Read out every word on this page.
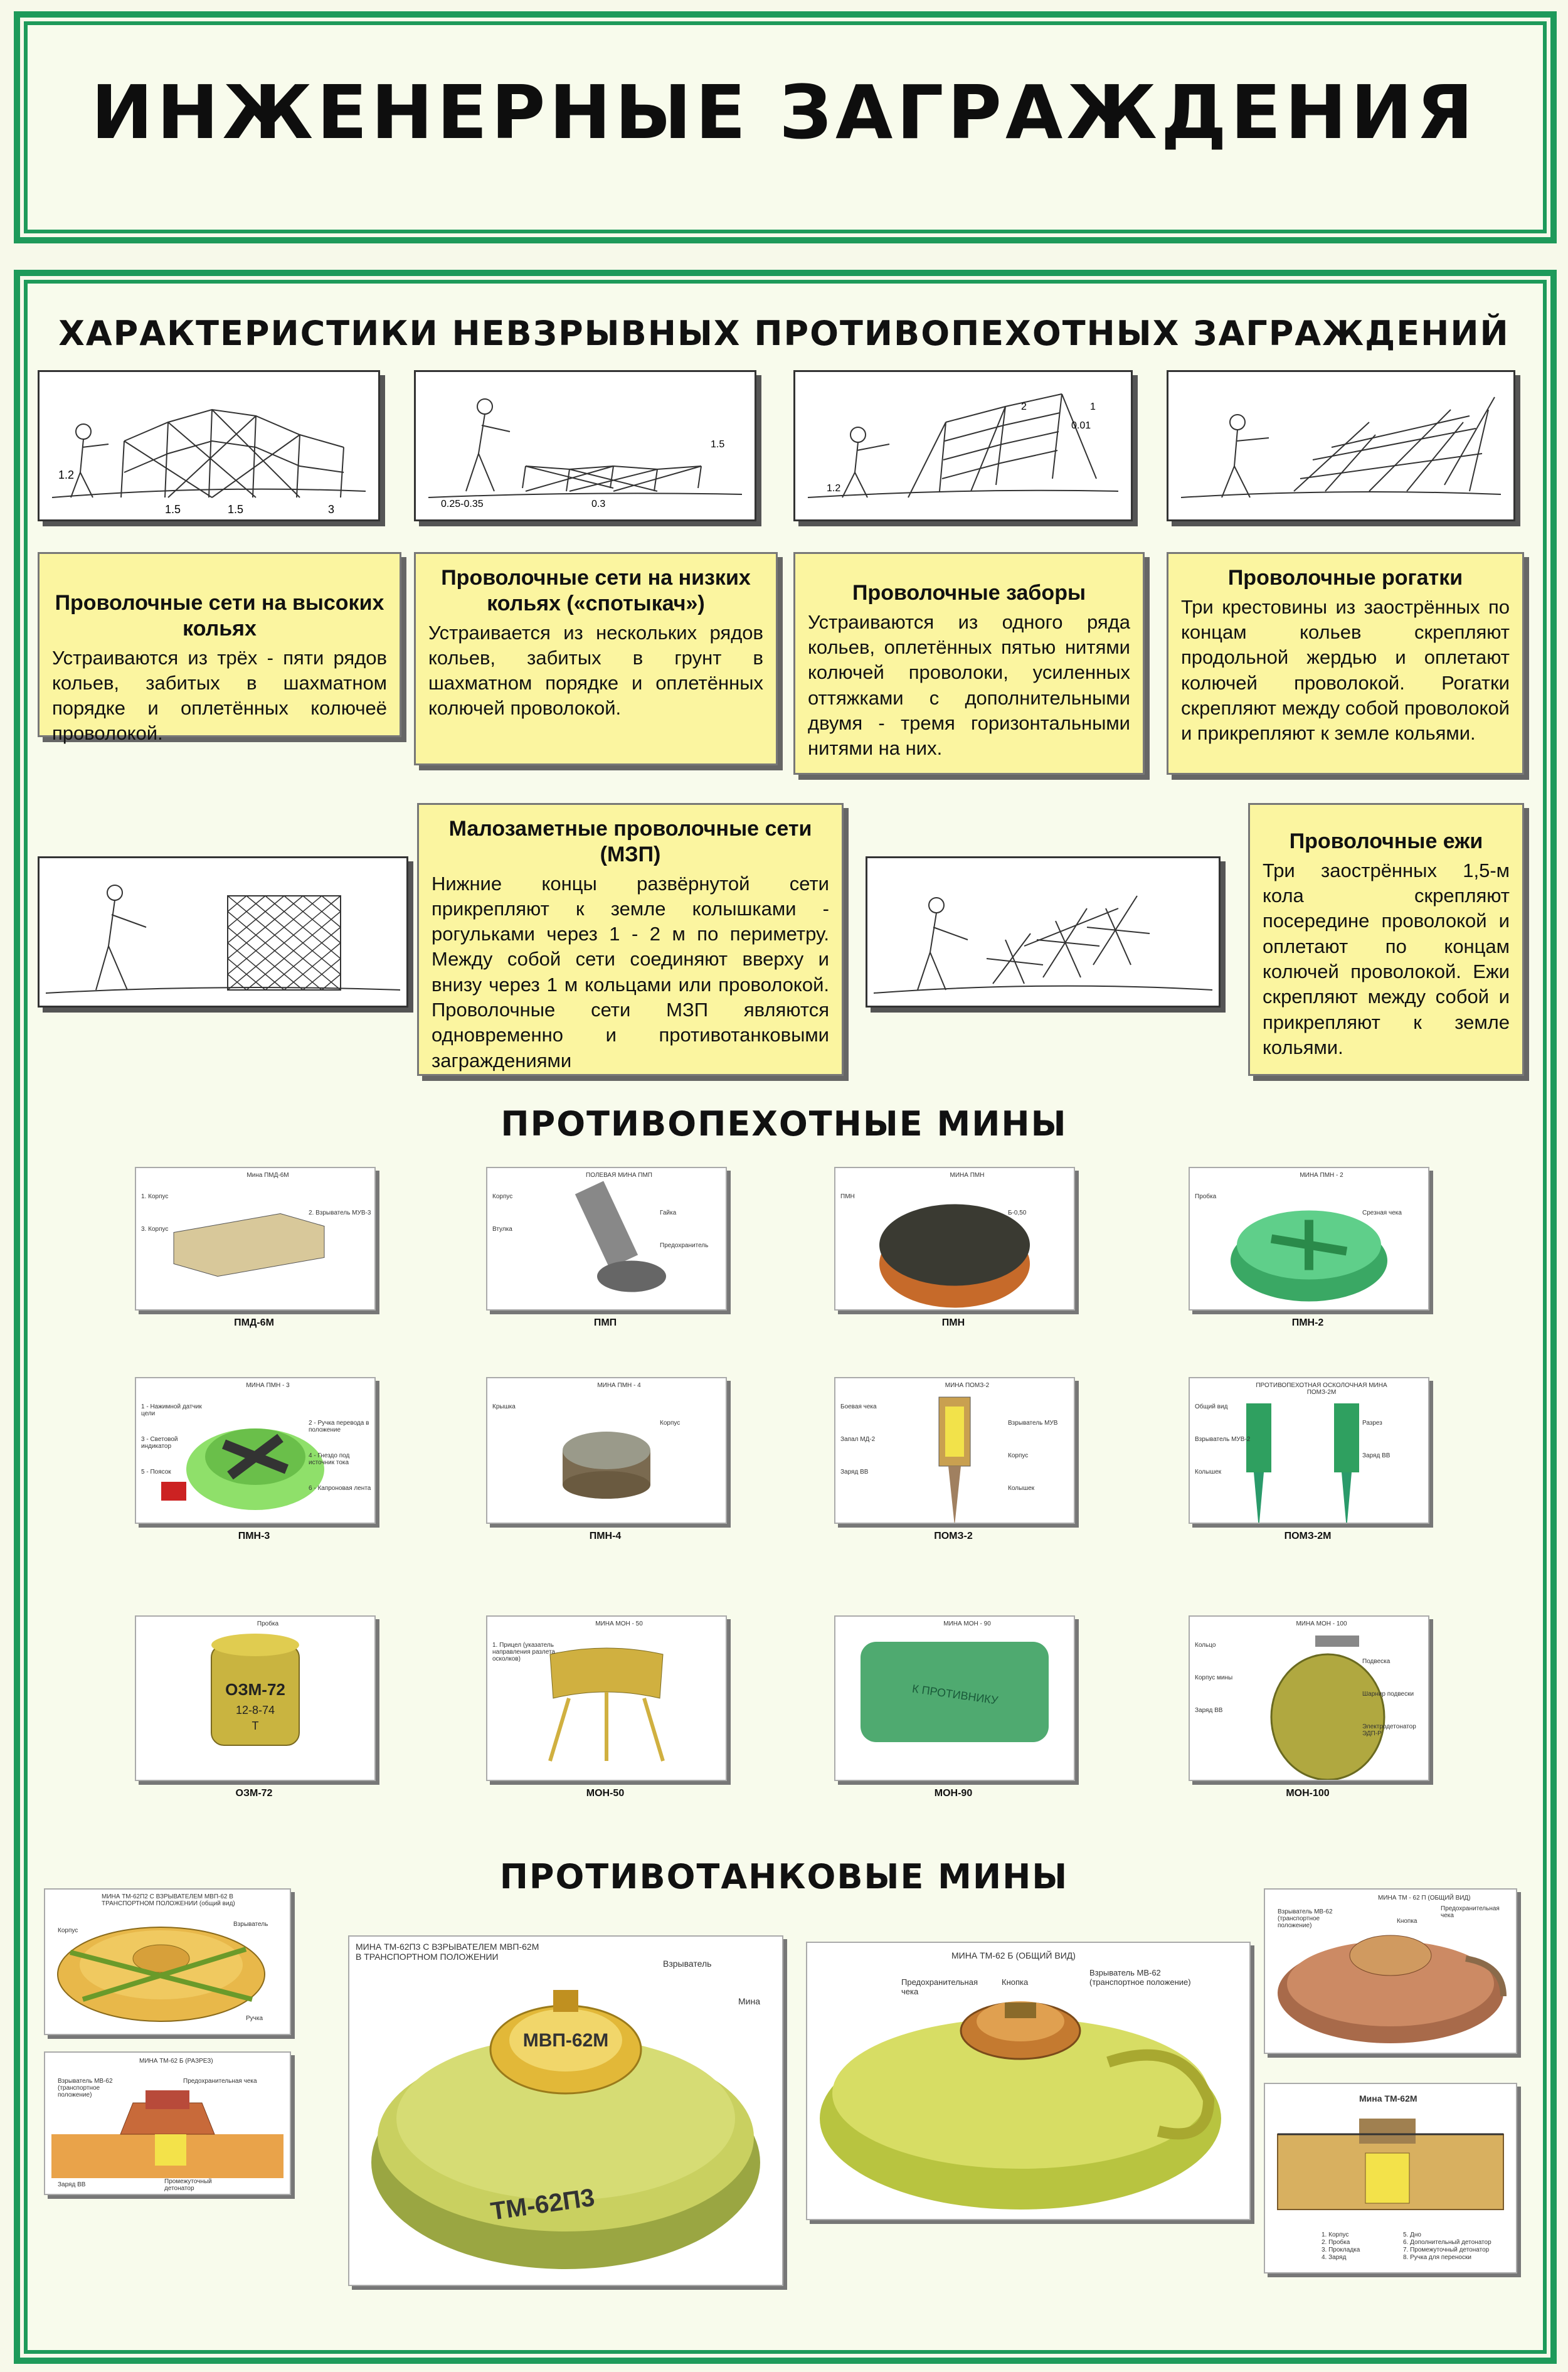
ИНЖЕНЕРНЫЕ ЗАГРАЖДЕНИЯ
ХАРАКТЕРИСТИКИ НЕВЗРЫВНЫХ ПРОТИВОПЕХОТНЫХ ЗАГРАЖДЕНИЙ
1.5	1.5	3
1.2
0.25-0.35	0.3
1.5
1.2
0.01
2	1
Проволочные сети на высоких кольях

Устраиваются из трёх - пяти рядов кольев, забитых в шахматном порядке и оплетённых колючеё проволокой.

Проволочные сети на низких кольях («спотыкач»)

Устраивается из нескольких рядов кольев, забитых в грунт в шахматном порядке и оплетённых колючей проволокой.

Проволочные заборы

Устраиваются из одного ряда кольев, оплетённых пятью нитями колючей проволоки, усиленных оттяжками с дополнительными двумя - тремя горизонтальными нитями на них.

Проволочные рогатки

Три крестовины из заострённых по концам кольев скрепляют продольной жердью и оплетают колючей проволокой. Рогатки скрепляют между собой проволокой и прикрепляют к земле кольями.

Малозаметные проволочные сети (МЗП)

Нижние концы развёрнутой сети прикрепляют к земле колышками - рогульками через 1 - 2 м по периметру. Между собой сети соединяют вверху и внизу через 1 м кольцами или проволокой. Проволочные сети МЗП являются одновременно и противотанковыми заграждениями

Проволочные ежи

Три заострённых 1,5-м кола скрепляют посередине проволокой и оплетают по концам колючей проволокой. Ежи скрепляют между собой и прикрепляют к земле кольями.

ПРОТИВОПЕХОТНЫЕ МИНЫ
Мина ПМД-6М
1. Корпус
2. Взрыватель МУВ-3
3. Корпус
ПМД-6М
ПОЛЕВАЯ МИНА ПМП
Корпус
Гайка
Втулка
Предохранитель
ПМП
МИНА ПМН
ПМН
Б-0,50
ПМН
МИНА ПМН - 2
Пробка
Срезная чека
ПМН-2
МИНА ПМН - 3
1 - Нажимной датчик цели
2 - Ручка перевода в положение
3 - Световой индикатор
4 - Гнездо под источник тока
5 - Поясок
6 - Капроновая лента
ПМН-3
МИНА ПМН - 4
Крышка
Корпус
ПМН-4
МИНА ПОМЗ-2
Боевая чека
Взрыватель МУВ
Запал МД-2
Корпус
Заряд ВВ
Колышек
ПОМЗ-2
ПРОТИВОПЕХОТНАЯ ОСКОЛОЧНАЯ МИНА ПОМЗ-2М
Общий вид
Разрез
Взрыватель МУВ-2
Заряд ВВ
Колышек
ПОМЗ-2М
Пробка
ОЗМ-72
12-8-74
Т
ОЗМ-72
МИНА МОН - 50
1. Прицел (указатель направления разлета осколков)
МОН-50
МИНА МОН - 90
К ПРОТИВНИКУ
МОН-90
МИНА МОН - 100
Кольцо
Подвеска
Корпус мины
Шарнир подвески
Заряд ВВ
Электродетонатор ЭДП-Р
МОН-100
ПРОТИВОТАНКОВЫЕ МИНЫ
МИНА ТМ-62П2 С ВЗРЫВАТЕЛЕМ МВП-62 В ТРАНСПОРТНОМ ПОЛОЖЕНИИ (общий вид)
Корпус
Взрыватель
Ручка
МИНА ТМ-62 Б (РАЗРЕЗ)
Взрыватель МВ-62 (транспортное положение)
Предохранительная чека
Заряд ВВ	Промежуточный детонатор
МИНА ТМ-62П3 С ВЗРЫВАТЕЛЕМ МВП-62М В ТРАНСПОРТНОМ ПОЛОЖЕНИИ
МВП-62М
ТМ-62П3
Взрыватель
Мина
МИНА ТМ-62 Б (ОБЩИЙ ВИД)
Предохранительная чека
Кнопка
Взрыватель МВ-62 (транспортное положение)
МИНА ТМ - 62 П (ОБЩИЙ ВИД)
Взрыватель МВ-62 (транспортное положение)
Кнопка
Предохранительная чека
Мина ТМ-62М
1. Корпус
2. Пробка
3. Прокладка
4. Заряд
5. Дно
6. Дополнительный детонатор
7. Промежуточный детонатор
8. Ручка для переноски
